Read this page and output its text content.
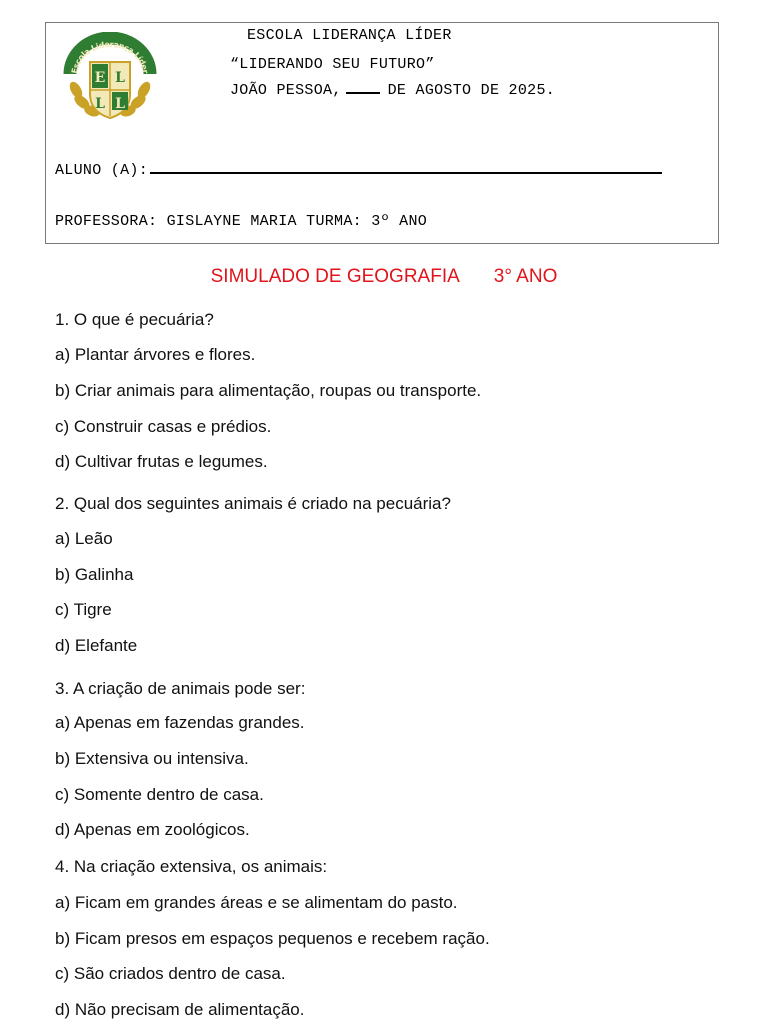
E L
L L
Escola Liderança Líder
ESCOLA LIDERANÇA LÍDER
“LIDERANDO SEU FUTURO”
JOÃO PESSOA,	DE AGOSTO DE 2025.
ALUNO (A):
PROFESSORA: GISLAYNE MARIA TURMA: 3º ANO
SIMULADO DE GEOGRAFIA 3° ANO
1. O que é pecuária?
a) Plantar árvores e flores.
b) Criar animais para alimentação, roupas ou transporte.
c) Construir casas e prédios.
d) Cultivar frutas e legumes.
2. Qual dos seguintes animais é criado na pecuária?
a) Leão
b) Galinha
c) Tigre
d) Elefante
3. A criação de animais pode ser:
a) Apenas em fazendas grandes.
b) Extensiva ou intensiva.
c) Somente dentro de casa.
d) Apenas em zoológicos.
4. Na criação extensiva, os animais:
a) Ficam em grandes áreas e se alimentam do pasto.
b) Ficam presos em espaços pequenos e recebem ração.
c) São criados dentro de casa.
d) Não precisam de alimentação.
